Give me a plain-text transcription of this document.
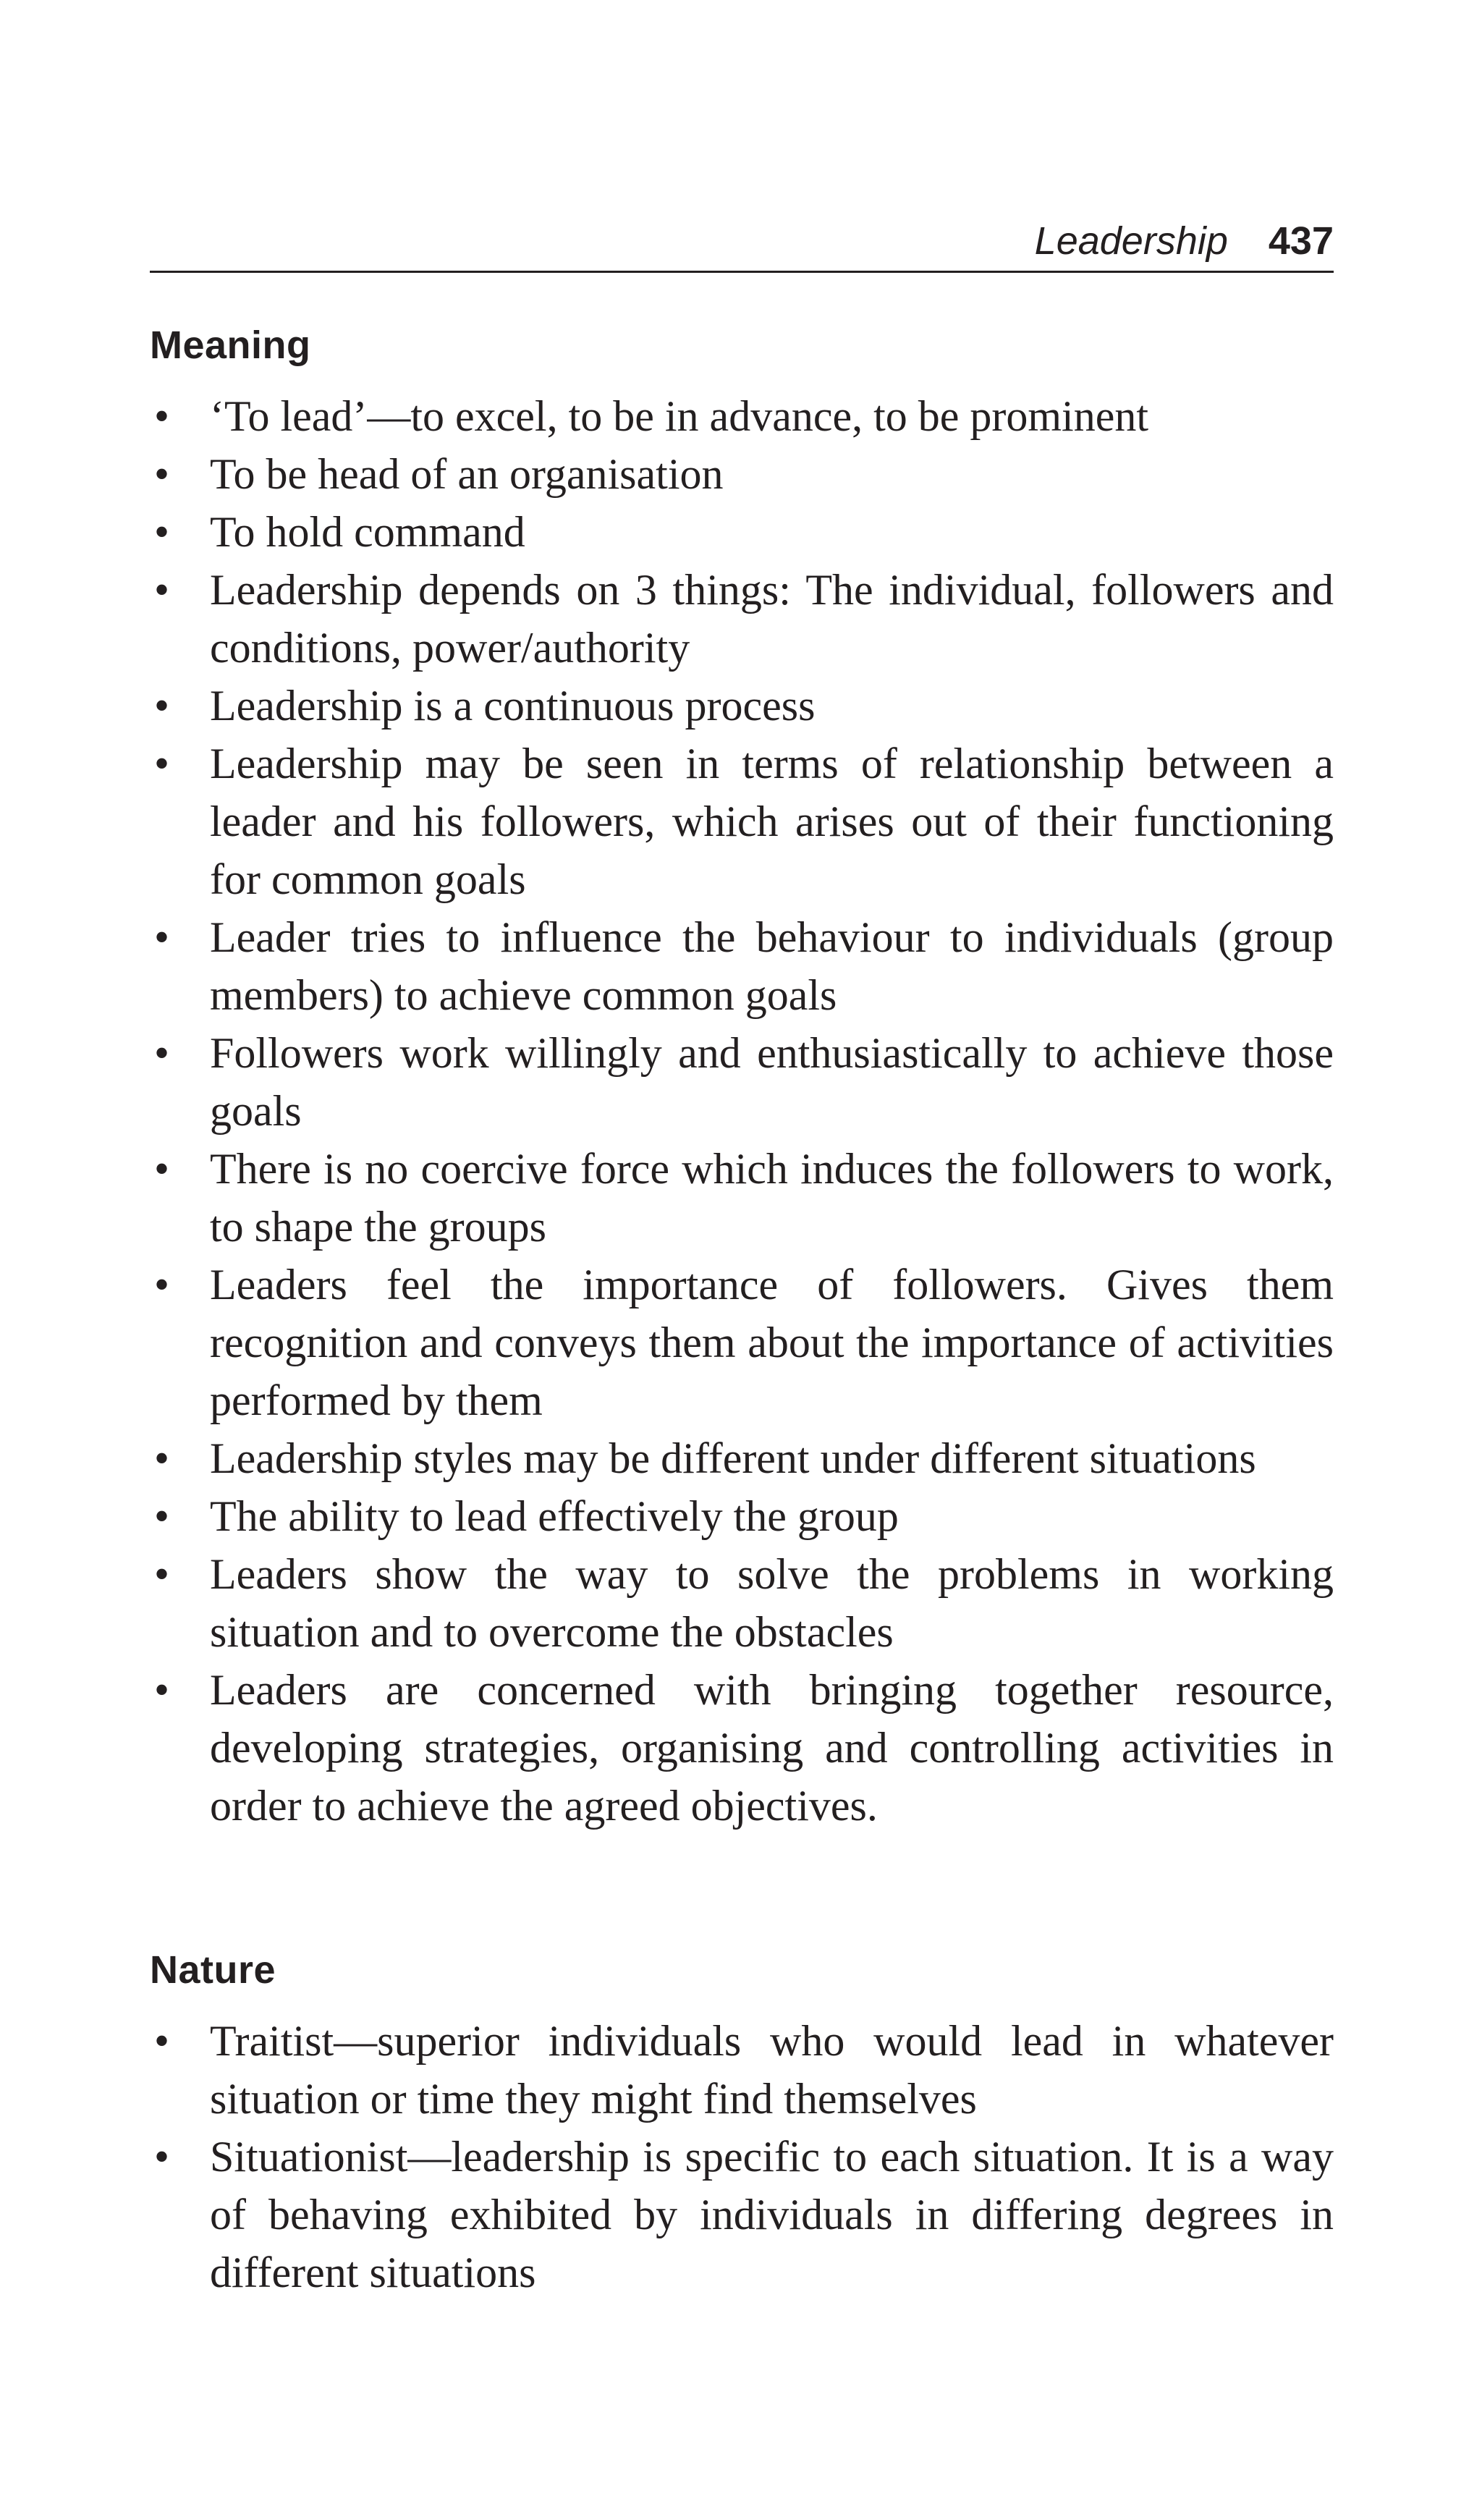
Leadership 437
Meaning
• ‘To lead’—to excel, to be in advance, to be prominent
• To be head of an organisation
• To hold command
• Leadership depends on 3 things: The individual, followers and conditions, power/authority
• Leadership is a continuous process
• Leadership may be seen in terms of relationship between a leader and his followers, which arises out of their functioning for common goals
• Leader tries to influence the behaviour to individuals (group members) to achieve common goals
• Followers work willingly and enthusiastically to achieve those goals
• There is no coercive force which induces the followers to work, to shape the groups
• Leaders feel the importance of followers. Gives them recognition and conveys them about the importance of activities performed by them
• Leadership styles may be different under different situations
• The ability to lead effectively the group
• Leaders show the way to solve the problems in working situation and to overcome the obstacles
• Leaders are concerned with bringing together resource, developing strategies, organising and controlling activities in order to achieve the agreed objectives.
Nature
• Traitist—superior individuals who would lead in whatever situation or time they might find themselves
• Situationist—leadership is specific to each situation. It is a way of behaving exhibited by individuals in differing degrees in different situations
